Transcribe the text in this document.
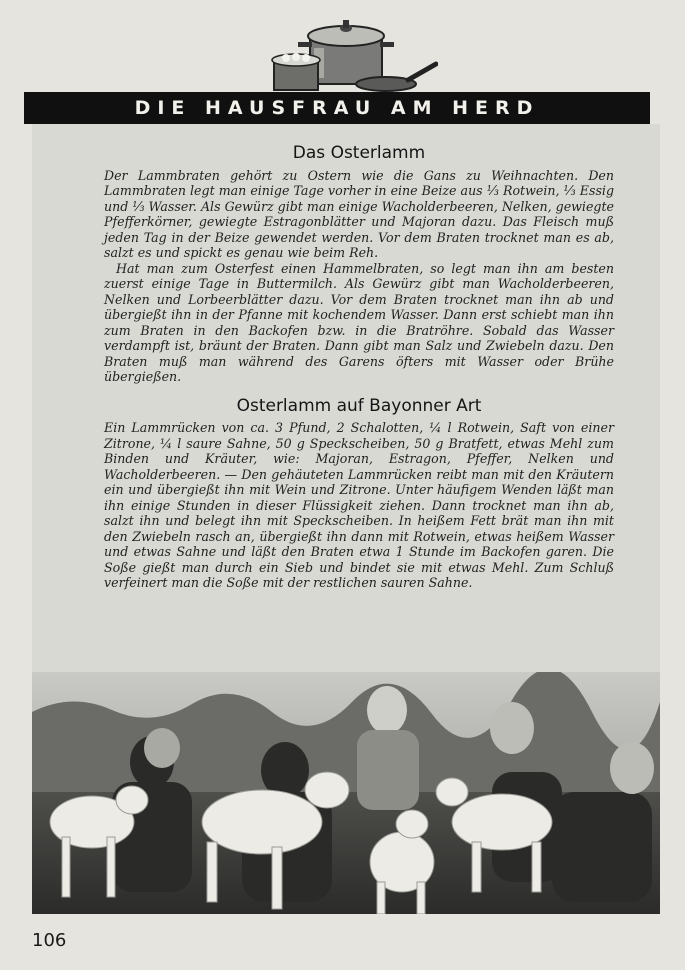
DIE HAUSFRAU AM HERD
Das Osterlamm

Der Lammbraten gehört zu Ostern wie die Gans zu Weihnachten. Den Lammbraten legt man einige Tage vorher in eine Beize aus ⅓ Rotwein, ⅓ Essig und ⅓ Wasser. Als Gewürz gibt man einige Wacholderbeeren, Nelken, gewiegte Pfefferkörner, gewiegte Estragonblätter und Majoran dazu. Das Fleisch muß jeden Tag in der Beize gewendet werden. Vor dem Braten trocknet man es ab, salzt es und spickt es genau wie beim Reh.

Hat man zum Osterfest einen Hammelbraten, so legt man ihn am besten zuerst einige Tage in Buttermilch. Als Gewürz gibt man Wacholderbeeren, Nelken und Lorbeerblätter dazu. Vor dem Braten trocknet man ihn ab und übergießt ihn in der Pfanne mit kochendem Wasser. Dann erst schiebt man ihn zum Braten in den Backofen bzw. in die Bratröhre. Sobald das Wasser verdampft ist, bräunt der Braten. Dann gibt man Salz und Zwiebeln dazu. Den Braten muß man während des Garens öfters mit Wasser oder Brühe übergießen.

Osterlamm auf Bayonner Art

Ein Lammrücken von ca. 3 Pfund, 2 Schalotten, ¼ l Rotwein, Saft von einer Zitrone, ¼ l saure Sahne, 50 g Speckscheiben, 50 g Bratfett, etwas Mehl zum Binden und Kräuter, wie: Majoran, Estragon, Pfeffer, Nelken und Wacholderbeeren. — Den gehäuteten Lammrücken reibt man mit den Kräutern ein und übergießt ihn mit Wein und Zitrone. Unter häufigem Wenden läßt man ihn einige Stunden in dieser Flüssigkeit ziehen. Dann trocknet man ihn ab, salzt ihn und belegt ihn mit Speckscheiben. In heißem Fett brät man ihn mit den Zwiebeln rasch an, übergießt ihn dann mit Rotwein, etwas heißem Wasser und etwas Sahne und läßt den Braten etwa 1 Stunde im Backofen garen. Die Soße gießt man durch ein Sieb und bindet sie mit etwas Mehl. Zum Schluß verfeinert man die Soße mit der restlichen sauren Sahne.

106
